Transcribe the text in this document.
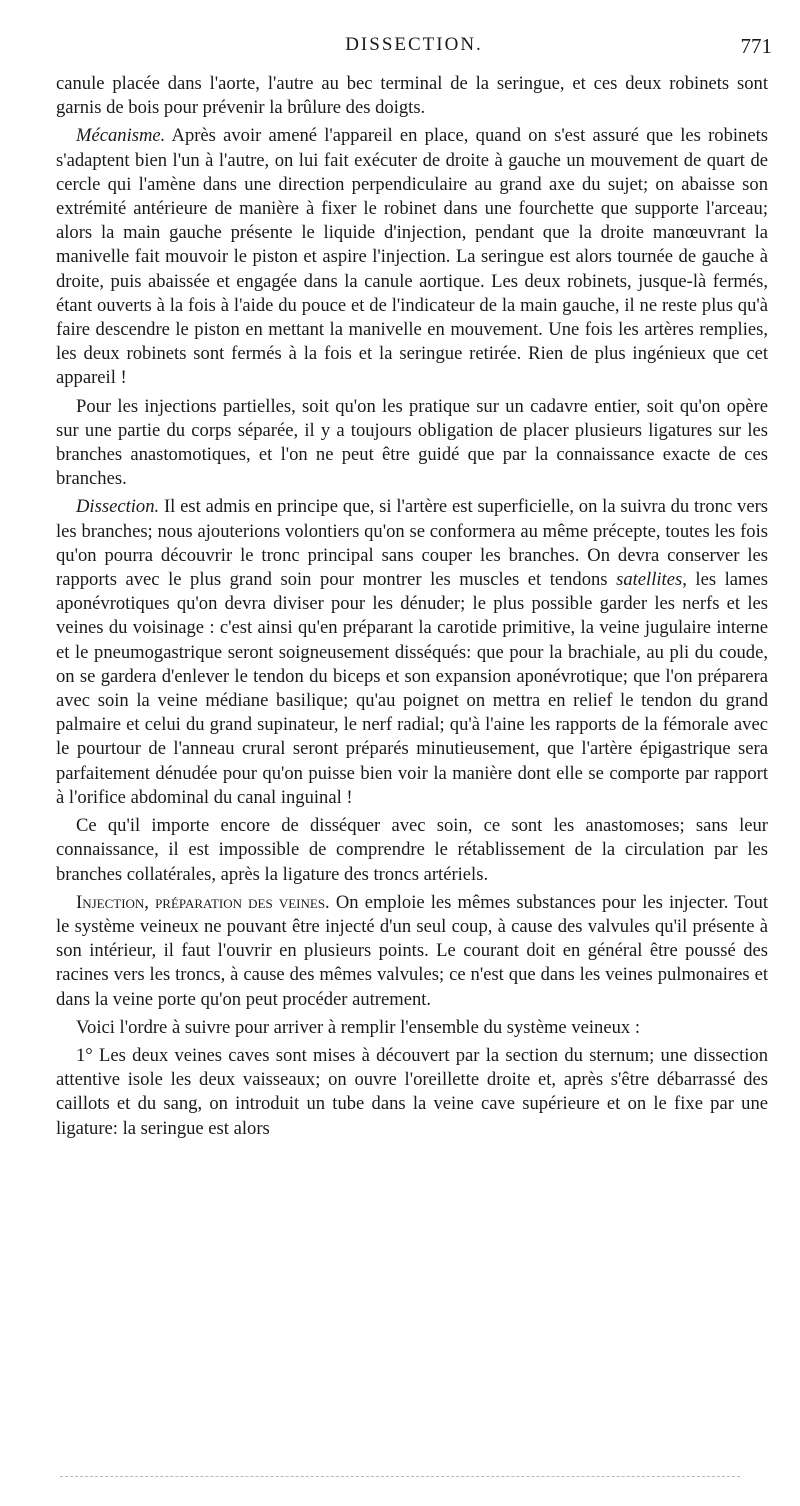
DISSECTION.	771

canule placée dans l'aorte, l'autre au bec terminal de la seringue, et ces deux robinets sont garnis de bois pour prévenir la brûlure des doigts.

Mécanisme. Après avoir amené l'appareil en place, quand on s'est assuré que les robinets s'adaptent bien l'un à l'autre, on lui fait exécuter de droite à gauche un mouvement de quart de cercle qui l'amène dans une direction perpendiculaire au grand axe du sujet; on abaisse son extrémité antérieure de manière à fixer le robinet dans une fourchette que supporte l'arceau; alors la main gauche présente le liquide d'injection, pendant que la droite manœuvrant la manivelle fait mouvoir le piston et aspire l'injection. La seringue est alors tournée de gauche à droite, puis abaissée et engagée dans la canule aortique. Les deux robinets, jusque-là fermés, étant ouverts à la fois à l'aide du pouce et de l'indicateur de la main gauche, il ne reste plus qu'à faire descendre le piston en mettant la manivelle en mouvement. Une fois les artères remplies, les deux robinets sont fermés à la fois et la seringue retirée. Rien de plus ingénieux que cet appareil !

Pour les injections partielles, soit qu'on les pratique sur un cadavre entier, soit qu'on opère sur une partie du corps séparée, il y a toujours obligation de placer plusieurs ligatures sur les branches anastomotiques, et l'on ne peut être guidé que par la connaissance exacte de ces branches.

Dissection. Il est admis en principe que, si l'artère est superficielle, on la suivra du tronc vers les branches; nous ajouterions volontiers qu'on se conformera au même précepte, toutes les fois qu'on pourra découvrir le tronc principal sans couper les branches. On devra conserver les rapports avec le plus grand soin pour montrer les muscles et tendons satellites, les lames aponévrotiques qu'on devra diviser pour les dénuder; le plus possible garder les nerfs et les veines du voisinage : c'est ainsi qu'en préparant la carotide primitive, la veine jugulaire interne et le pneumogastrique seront soigneusement disséqués: que pour la brachiale, au pli du coude, on se gardera d'enlever le tendon du biceps et son expansion aponévrotique; que l'on préparera avec soin la veine médiane basilique; qu'au poignet on mettra en relief le tendon du grand palmaire et celui du grand supinateur, le nerf radial; qu'à l'aine les rapports de la fémorale avec le pourtour de l'anneau crural seront préparés minutieusement, que l'artère épigastrique sera parfaitement dénudée pour qu'on puisse bien voir la manière dont elle se comporte par rapport à l'orifice abdominal du canal inguinal !

Ce qu'il importe encore de disséquer avec soin, ce sont les anastomoses; sans leur connaissance, il est impossible de comprendre le rétablissement de la circulation par les branches collatérales, après la ligature des troncs artériels.

Injection, préparation des veines. On emploie les mêmes substances pour les injecter. Tout le système veineux ne pouvant être injecté d'un seul coup, à cause des valvules qu'il présente à son intérieur, il faut l'ouvrir en plusieurs points. Le courant doit en général être poussé des racines vers les troncs, à cause des mêmes valvules; ce n'est que dans les veines pulmonaires et dans la veine porte qu'on peut procéder autrement.

Voici l'ordre à suivre pour arriver à remplir l'ensemble du système veineux :

1° Les deux veines caves sont mises à découvert par la section du sternum; une dissection attentive isole les deux vaisseaux; on ouvre l'oreillette droite et, après s'être débarrassé des caillots et du sang, on introduit un tube dans la veine cave supérieure et on le fixe par une ligature: la seringue est alors
